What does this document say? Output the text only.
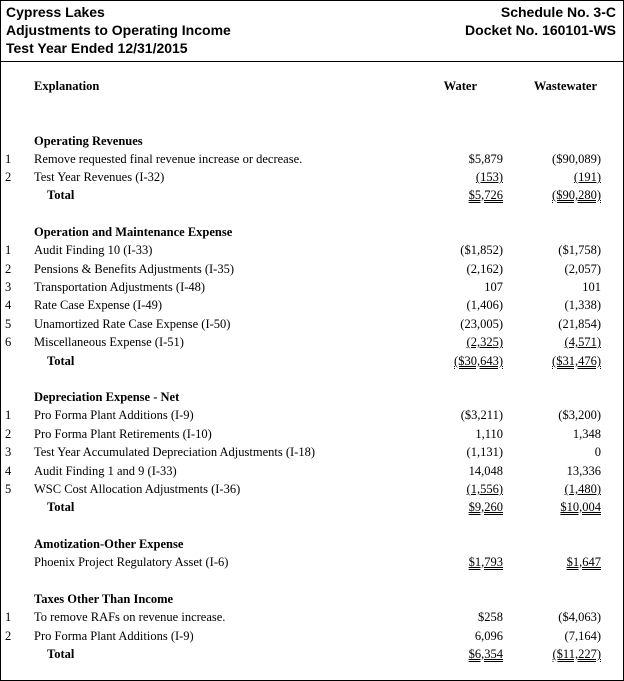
Cypress Lakes
Adjustments to Operating Income
Test Year Ended 12/31/2015
Schedule No. 3-C
Docket No. 160101-WS
Explanation	Water	Wastewater
Operating Revenues
1	Remove requested final revenue increase or decrease.	$5,879	($90,089)
2	Test Year Revenues (I-32)	(153)	(191)
Total	$5,726	($90,280)
Operation and Maintenance Expense
1	Audit Finding 10 (I-33)	($1,852)	($1,758)
2	Pensions & Benefits Adjustments (I-35)	(2,162)	(2,057)
3	Transportation Adjustments (I-48)	107	101
4	Rate Case Expense (I-49)	(1,406)	(1,338)
5	Unamortized Rate Case Expense (I-50)	(23,005)	(21,854)
6	Miscellaneous Expense (I-51)	(2,325)	(4,571)
Total	($30,643)	($31,476)
Depreciation Expense - Net
1	Pro Forma Plant Additions (I-9)	($3,211)	($3,200)
2	Pro Forma Plant Retirements (I-10)	1,110	1,348
3	Test Year Accumulated Depreciation Adjustments (I-18)	(1,131)	0
4	Audit Finding 1 and 9 (I-33)	14,048	13,336
5	WSC Cost Allocation Adjustments (I-36)	(1,556)	(1,480)
Total	$9,260	$10,004
Amotization-Other Expense
Phoenix Project Regulatory Asset (I-6)	$1,793	$1,647
Taxes Other Than Income
1	To remove RAFs on revenue increase.	$258	($4,063)
2	Pro Forma Plant Additions (I-9)	6,096	(7,164)
Total	$6,354	($11,227)
